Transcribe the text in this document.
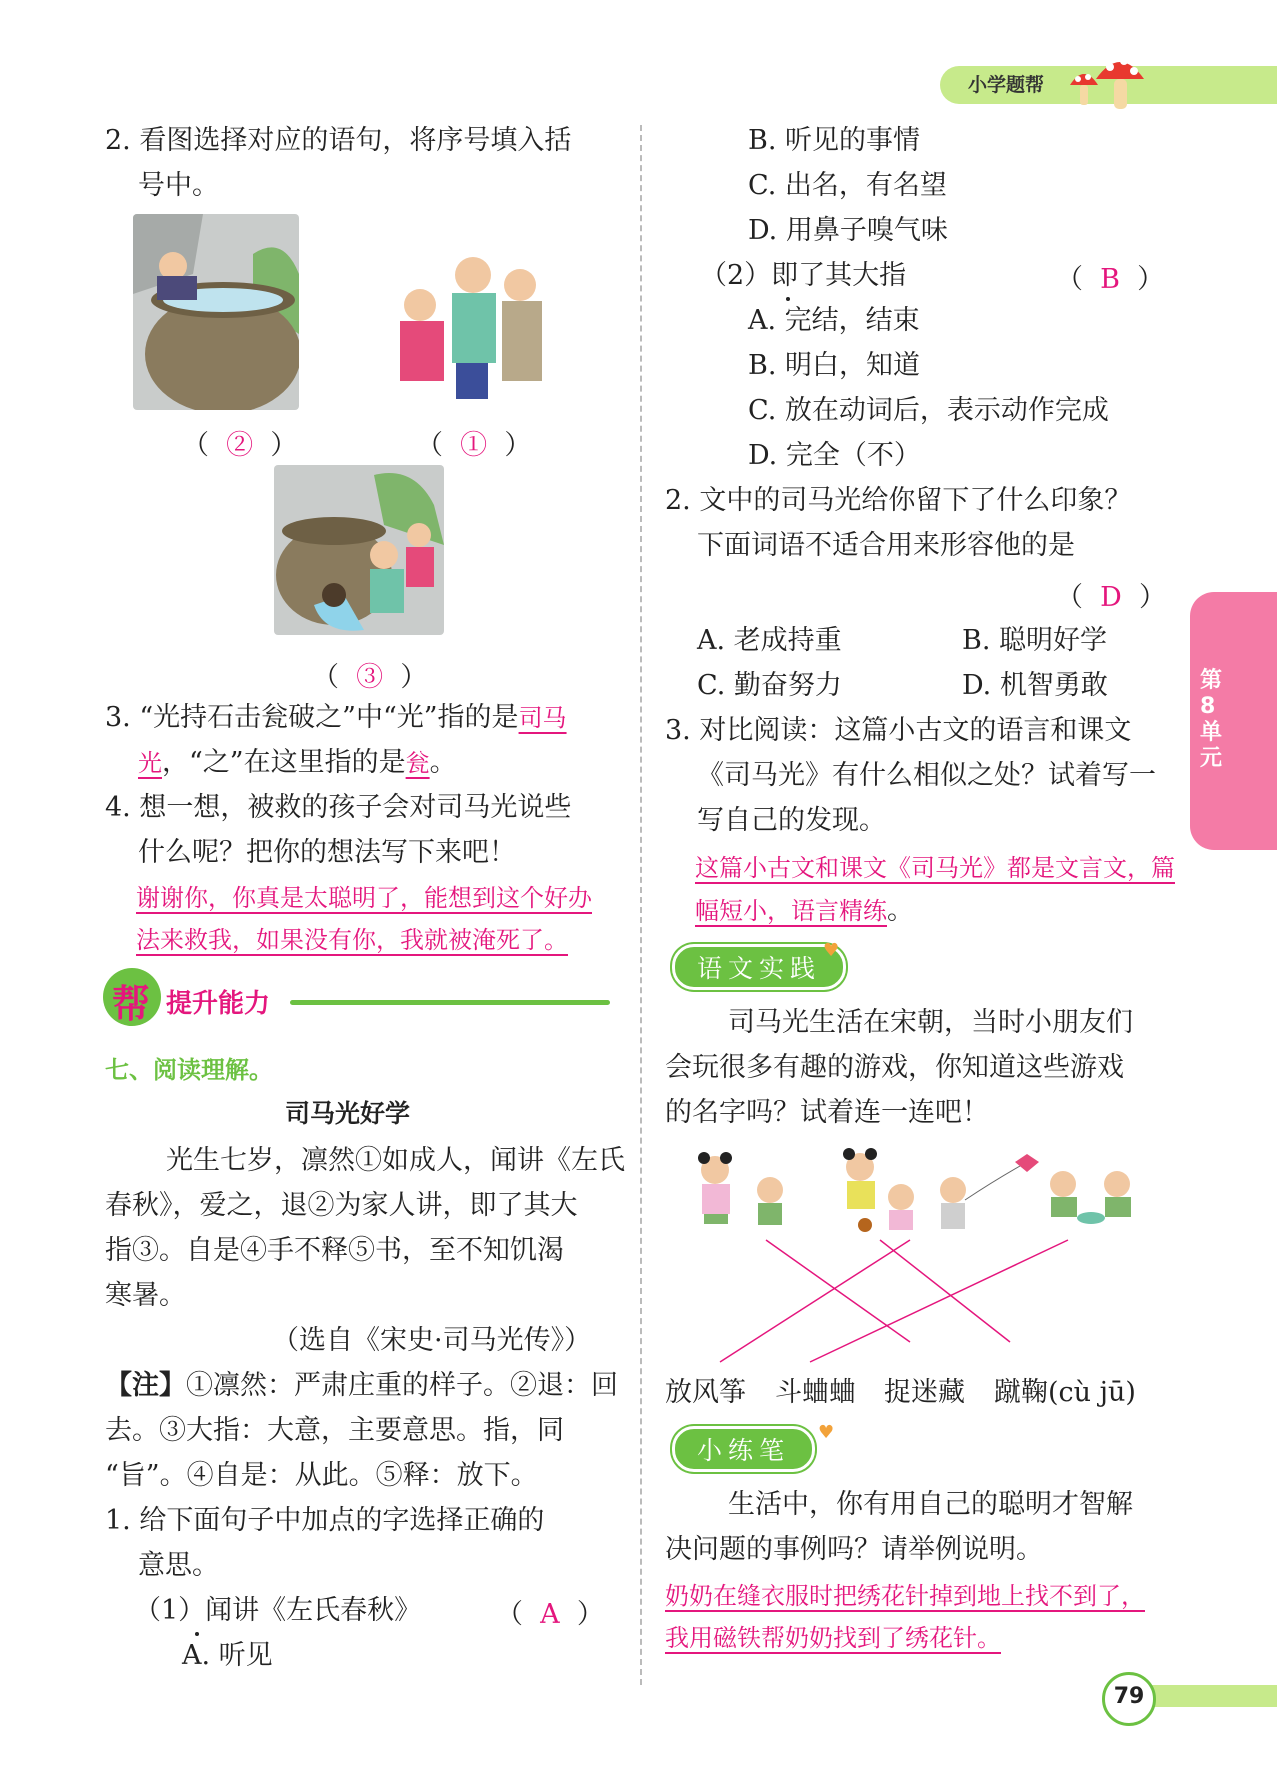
小学题帮
第8单元
2. 看图选择对应的语句，将序号填入括
号中。
（  ②  ）	（  ①  ）
（  ③  ）
3. “光持石击瓮破之”中“光”指的是司马
光，“之”在这里指的是瓮。
4. 想一想，被救的孩子会对司马光说些
什么呢？把你的想法写下来吧！
谢谢你，你真是太聪明了，能想到这个好办
法来救我，如果没有你，我就被淹死了。
帮 提升能力
七、阅读理解。
司马光好学
光生七岁，凛然①如成人，闻讲《左氏
春秋》，爱之，退②为家人讲，即了其大
指③。自是④手不释⑤书，至不知饥渴
寒暑。
（选自《宋史·司马光传》）
【注】①凛然：严肃庄重的样子。②退：回
去。③大指：大意，主要意思。指，同
“旨”。④自是：从此。⑤释：放下。
1. 给下面句子中加点的字选择正确的
意思。
（1）闻讲《左氏春秋》	（  A  ）
A. 听见
B. 听见的事情
C. 出名，有名望
D. 用鼻子嗅气味
（2）即了其大指	（  B  ）
A. 完结，结束
B. 明白，知道
C. 放在动词后，表示动作完成
D. 完全（不）
2. 文中的司马光给你留下了什么印象？
下面词语不适合用来形容他的是
（  D  ）
A. 老成持重	B. 聪明好学
C. 勤奋努力	D. 机智勇敢
3. 对比阅读：这篇小古文的语言和课文
《司马光》有什么相似之处？试着写一
写自己的发现。
这篇小古文和课文《司马光》都是文言文，篇
幅短小，语言精练。
语文实践
♥
司马光生活在宋朝，当时小朋友们
会玩很多有趣的游戏，你知道这些游戏
的名字吗？试着连一连吧！
放风筝 斗蛐蛐 捉迷藏 蹴鞠(cù jū)
小练笔
♥
生活中，你有用自己的聪明才智解
决问题的事例吗？请举例说明。
奶奶在缝衣服时把绣花针掉到地上找不到了，
我用磁铁帮奶奶找到了绣花针。
79
